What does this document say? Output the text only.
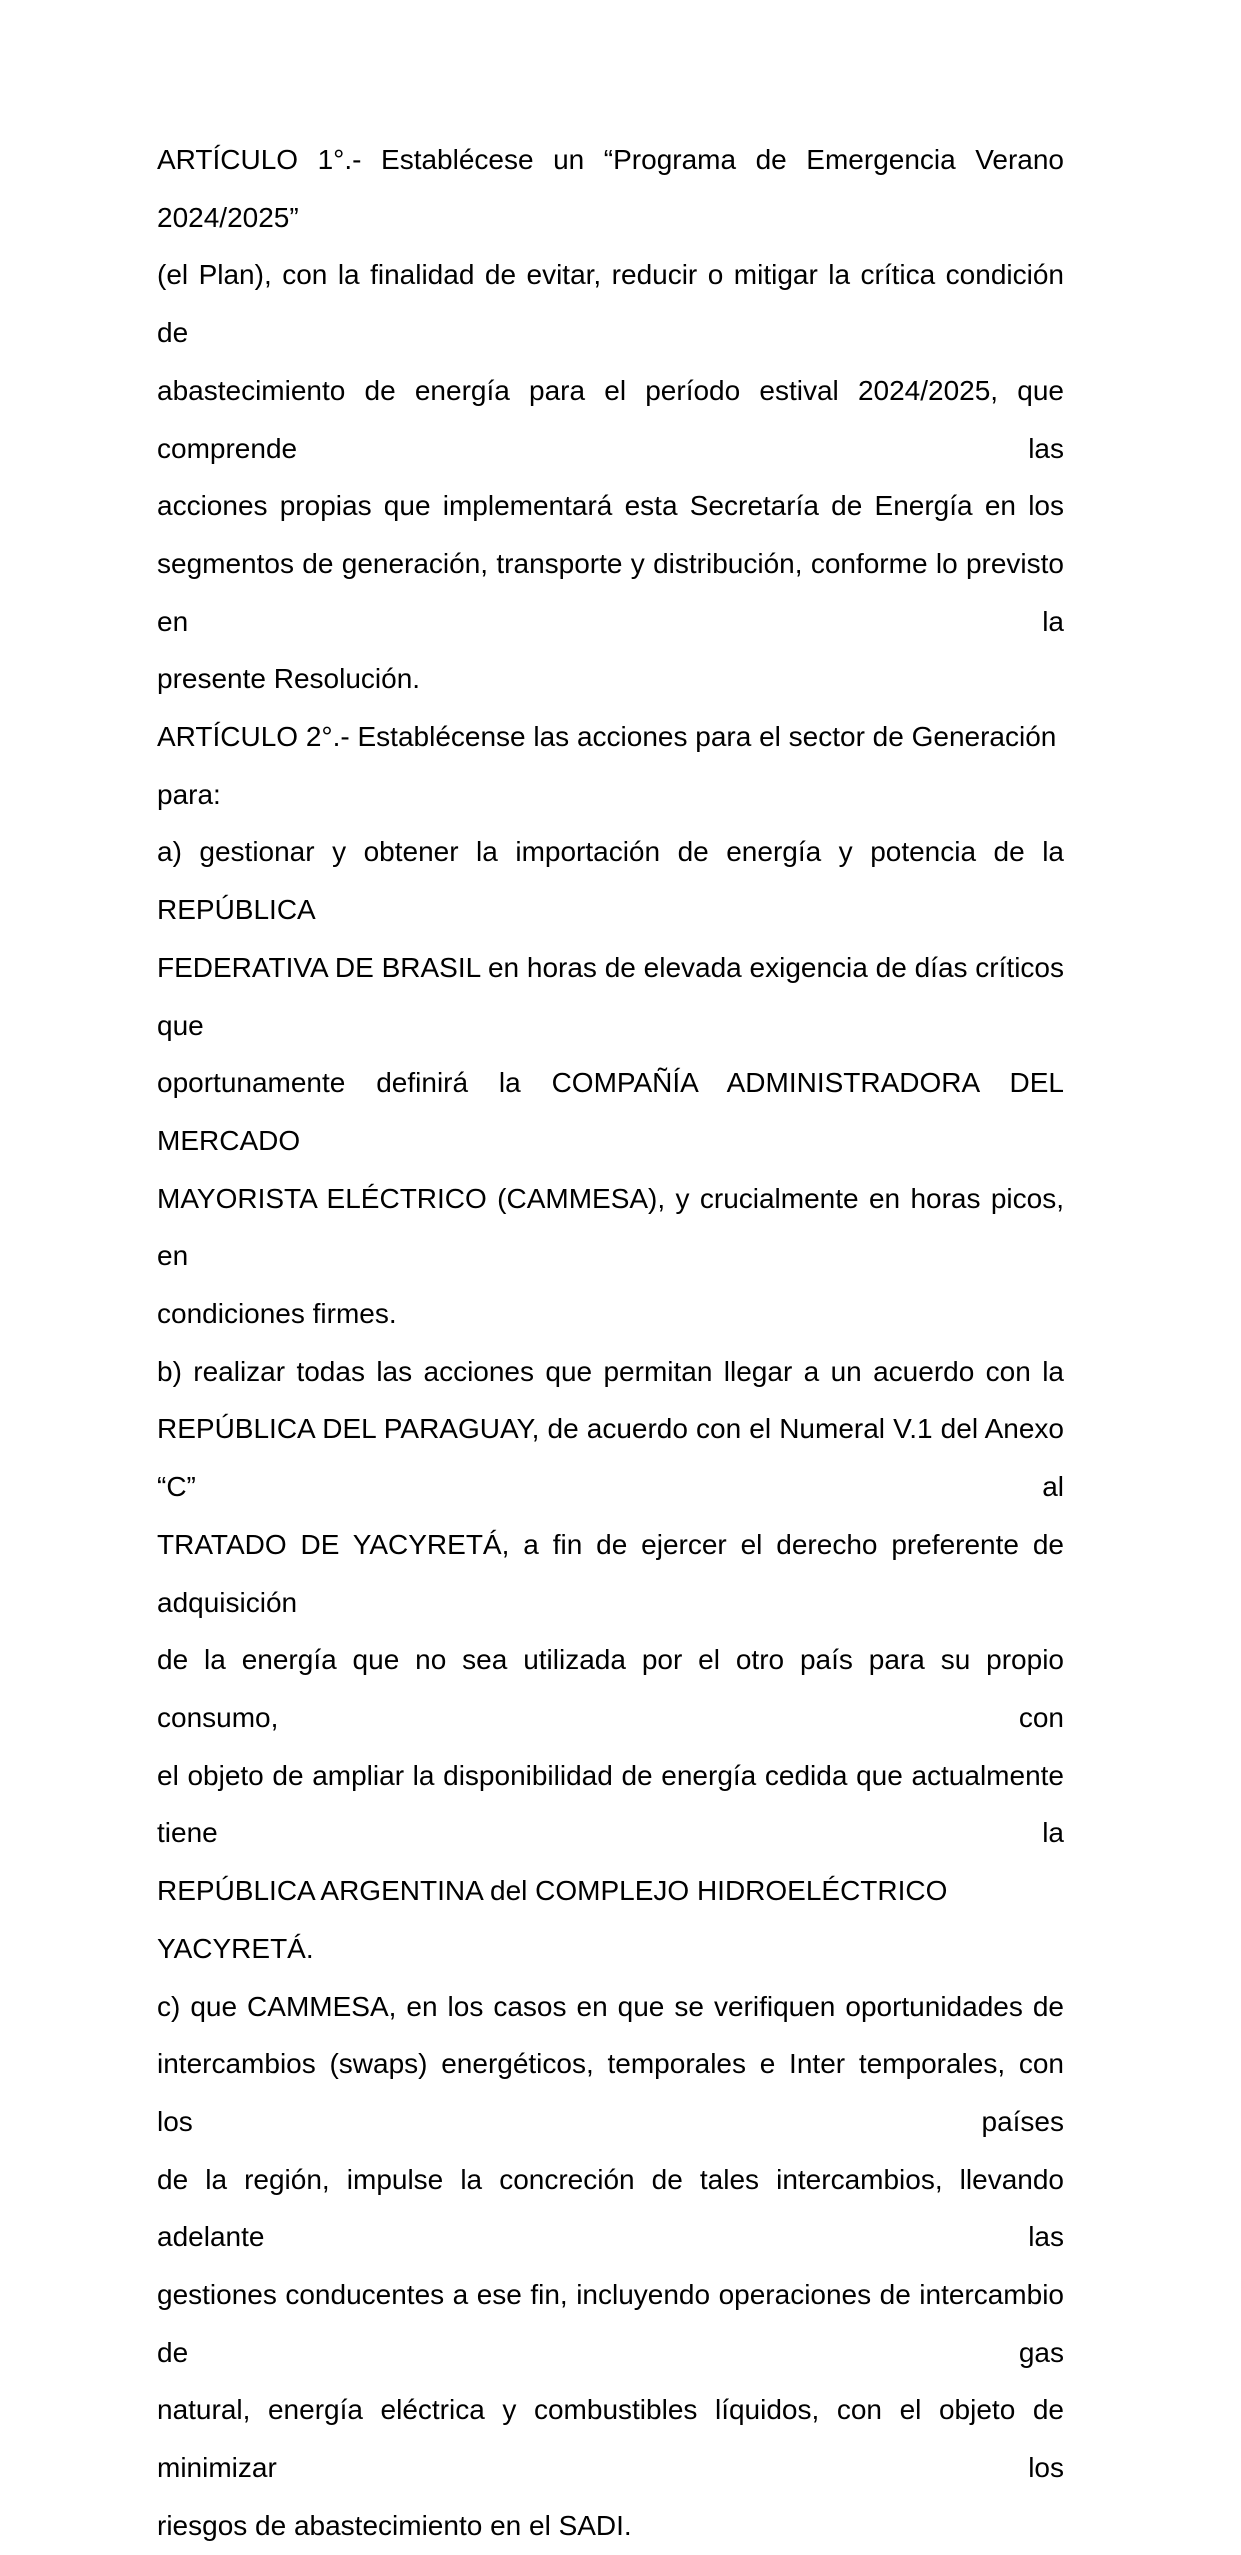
ARTÍCULO 1°.- Establécese un “Programa de Emergencia Verano 2024/2025”
(el Plan), con la finalidad de evitar, reducir o mitigar la crítica condición de
abastecimiento de energía para el período estival 2024/2025, que comprende las
acciones propias que implementará esta Secretaría de Energía en los
segmentos de generación, transporte y distribución, conforme lo previsto en la
presente Resolución.

ARTÍCULO 2°.- Establécense las acciones para el sector de Generación para:

a) gestionar y obtener la importación de energía y potencia de la REPÚBLICA
FEDERATIVA DE BRASIL en horas de elevada exigencia de días críticos que
oportunamente definirá la COMPAÑÍA ADMINISTRADORA DEL MERCADO
MAYORISTA ELÉCTRICO (CAMMESA), y crucialmente en horas picos, en
condiciones firmes.

b) realizar todas las acciones que permitan llegar a un acuerdo con la
REPÚBLICA DEL PARAGUAY, de acuerdo con el Numeral V.1 del Anexo “C” al
TRATADO DE YACYRETÁ, a fin de ejercer el derecho preferente de adquisición
de la energía que no sea utilizada por el otro país para su propio consumo, con
el objeto de ampliar la disponibilidad de energía cedida que actualmente tiene la
REPÚBLICA ARGENTINA del COMPLEJO HIDROELÉCTRICO YACYRETÁ.

c) que CAMMESA, en los casos en que se verifiquen oportunidades de
intercambios (swaps) energéticos, temporales e Inter temporales, con los países
de la región, impulse la concreción de tales intercambios, llevando adelante las
gestiones conducentes a ese fin, incluyendo operaciones de intercambio de gas
natural, energía eléctrica y combustibles líquidos, con el objeto de minimizar los
riesgos de abastecimiento en el SADI.
